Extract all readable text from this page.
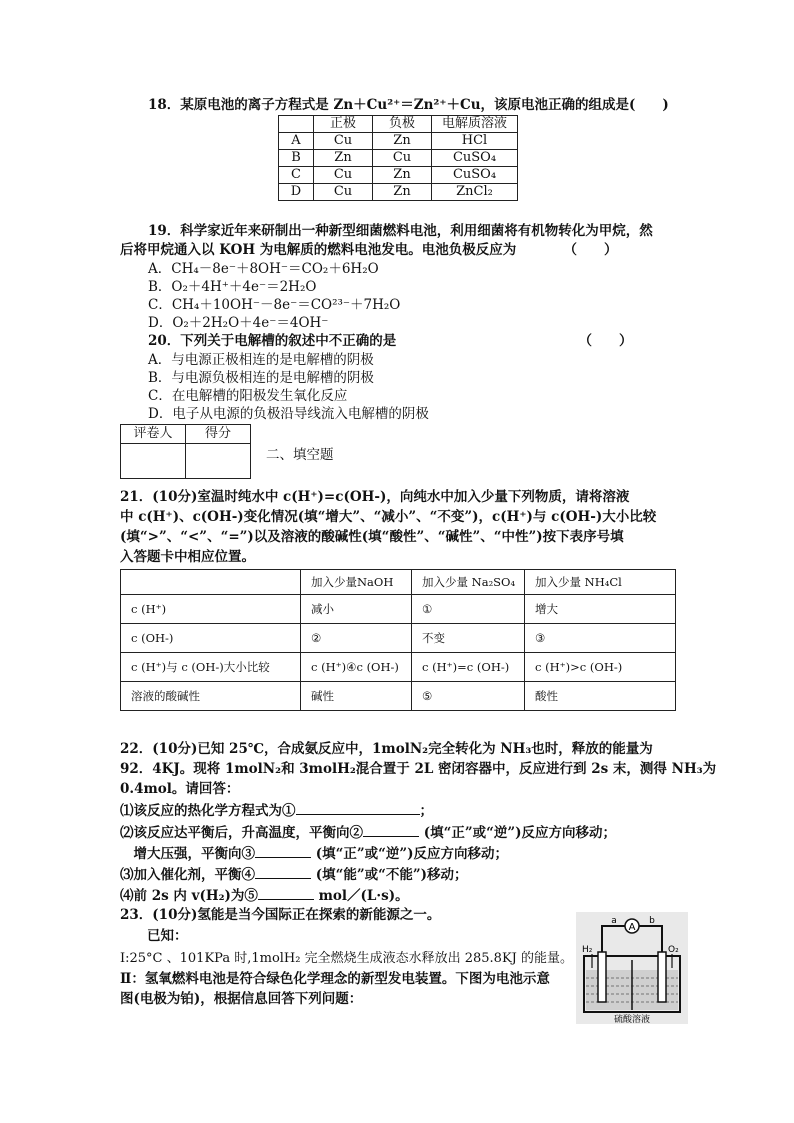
18．某原电池的离子方程式是 Zn＋Cu²⁺＝Zn²⁺＋Cu，该原电池正确的组成是(　　)
	正极	负极	电解质溶液
A	Cu	Zn	HCl
B	Zn	Cu	CuSO₄
C	Cu	Zn	CuSO₄
D	Cu	Zn	ZnCl₂
19．科学家近年来研制出一种新型细菌燃料电池，利用细菌将有机物转化为甲烷，然
后将甲烷通入以 KOH 为电解质的燃料电池发电。电池负极反应为　　　　（　　）
A．CH₄－8e⁻＋8OH⁻＝CO₂＋6H₂O
B．O₂＋4H⁺＋4e⁻＝2H₂O
C．CH₄＋10OH⁻－8e⁻＝CO²³⁻＋7H₂O
D．O₂＋2H₂O＋4e⁻＝4OH⁻
20．下列关于电解槽的叙述中不正确的是　　　　　　　　　　　　　　（　　）
A．与电源正极相连的是电解槽的阴极
B．与电源负极相连的是电解槽的阴极
C．在电解槽的阳极发生氧化反应
D．电子从电源的负极沿导线流入电解槽的阴极
评卷人	得分

二、填空题
21．(10分)室温时纯水中 c(H⁺)=c(OH-)，向纯水中加入少量下列物质，请将溶液
中 c(H⁺)、c(OH-)变化情况(填“增大”、“减小”、“不变”)，c(H⁺)与 c(OH-)大小比较
(填“>”、“<”、“=”)以及溶液的酸碱性(填“酸性”、“碱性”、“中性”)按下表序号填
入答题卡中相应位置。
	加入少量NaOH	加入少量 Na₂SO₄	加入少量 NH₄Cl
c (H⁺)	减小	①	增大
c (OH-)	②	不变	③
c (H⁺)与 c (OH-)大小比较	c (H⁺)④c (OH-)	c (H⁺)=c (OH-)	c (H⁺)>c (OH-)
溶液的酸碱性	碱性	⑤	酸性
22．(10分)已知 25℃，合成氨反应中，1molN₂完全转化为 NH₃也时，释放的能量为
92．4KJ。现将 1molN₂和 3molH₂混合置于 2L 密闭容器中，反应进行到 2s 末，测得 NH₃为
0.4mol。请回答：
⑴该反应的热化学方程式为①	；
⑵该反应达平衡后，升高温度，平衡向②	(填“正”或“逆”)反应方向移动；
　增大压强，平衡向③	(填“正”或“逆”)反应方向移动；
⑶加入催化剂，平衡④	(填“能”或“不能”)移动；
⑷前 2s 内 v(H₂)为⑤	mol／(L·s)。
23．(10分)氢能是当今国际正在探索的新能源之一。
　　已知：
Ⅰ:25°C 、101KPa 时,1molH₂ 完全燃烧生成液态水释放出 285.8KJ 的能量。
Ⅱ：氢氧燃料电池是符合绿色化学理念的新型发电装置。下图为电池示意
图(电极为铂)，根据信息回答下列问题：
A
a	b
H₂	O₂
硫酸溶液
